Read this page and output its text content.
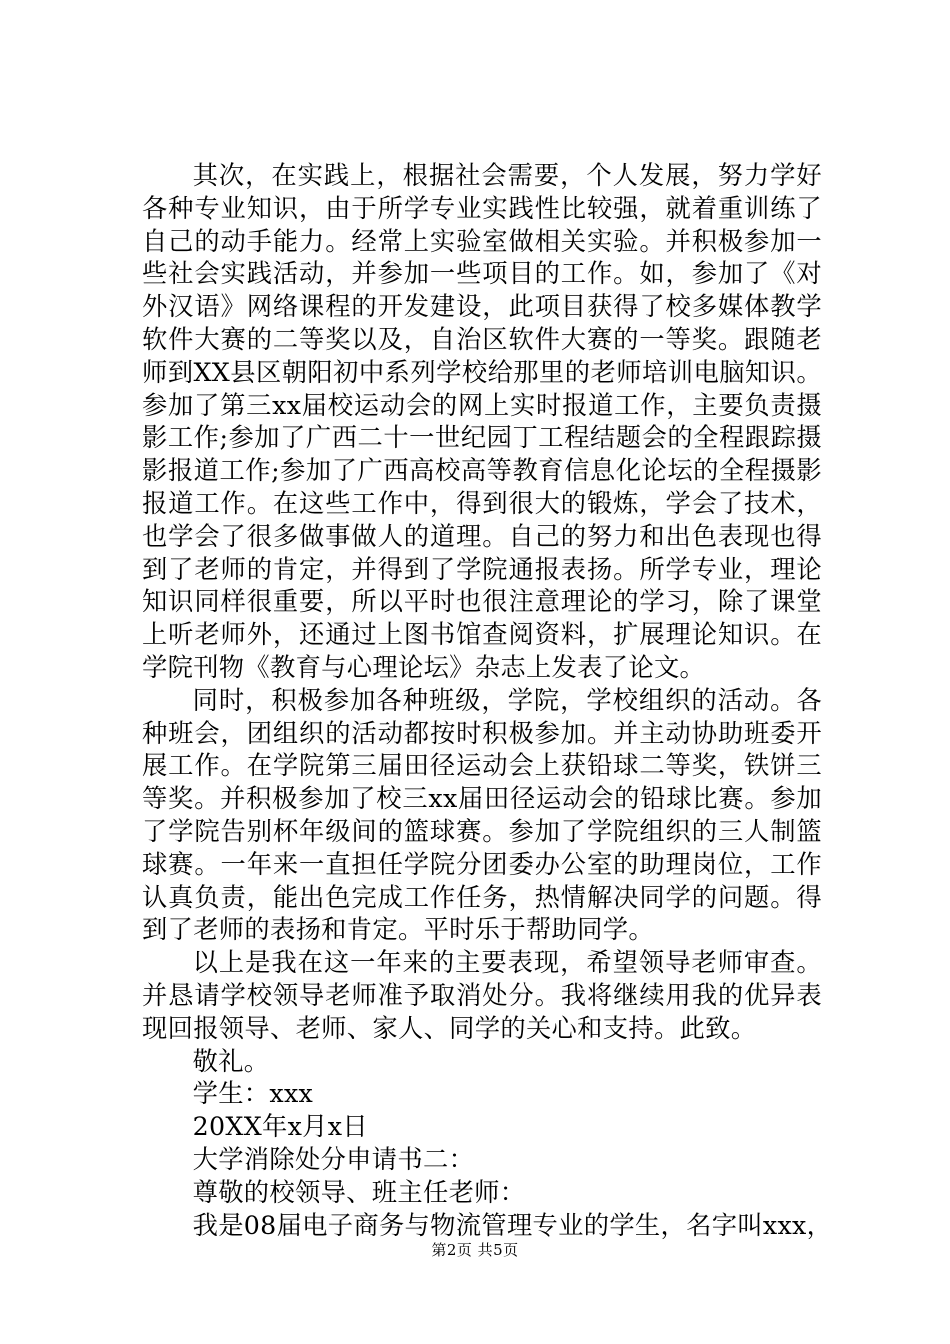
其次，在实践上，根据社会需要，个人发展，努力学好各种专业知识，由于所学专业实践性比较强，就着重训练了自己的动手能力。经常上实验室做相关实验。并积极参加一些社会实践活动，并参加一些项目的工作。如，参加了《对外汉语》网络课程的开发建设，此项目获得了校多媒体教学软件大赛的二等奖以及，自治区软件大赛的一等奖。跟随老师到XX县区朝阳初中系列学校给那里的老师培训电脑知识。参加了第三xx届校运动会的网上实时报道工作，主要负责摄影工作;参加了广西二十一世纪园丁工程结题会的全程跟踪摄影报道工作;参加了广西高校高等教育信息化论坛的全程摄影报道工作。在这些工作中，得到很大的锻炼，学会了技术，也学会了很多做事做人的道理。自己的努力和出色表现也得到了老师的肯定，并得到了学院通报表扬。所学专业，理论知识同样很重要，所以平时也很注意理论的学习，除了课堂上听老师外，还通过上图书馆查阅资料，扩展理论知识。在学院刊物《教育与心理论坛》杂志上发表了论文。

同时，积极参加各种班级，学院，学校组织的活动。各种班会，团组织的活动都按时积极参加。并主动协助班委开展工作。在学院第三届田径运动会上获铅球二等奖，铁饼三等奖。并积极参加了校三xx届田径运动会的铅球比赛。参加了学院告别杯年级间的篮球赛。参加了学院组织的三人制篮球赛。一年来一直担任学院分团委办公室的助理岗位，工作认真负责，能出色完成工作任务，热情解决同学的问题。得到了老师的表扬和肯定。平时乐于帮助同学。

以上是我在这一年来的主要表现，希望领导老师审查。并恳请学校领导老师准予取消处分。我将继续用我的优异表现回报领导、老师、家人、同学的关心和支持。此致。

敬礼。

学生：xxx

20XX年x月x日

大学消除处分申请书二：

尊敬的校领导、班主任老师：

我是08届电子商务与物流管理专业的学生，名字叫xxx，

第2页 共5页
